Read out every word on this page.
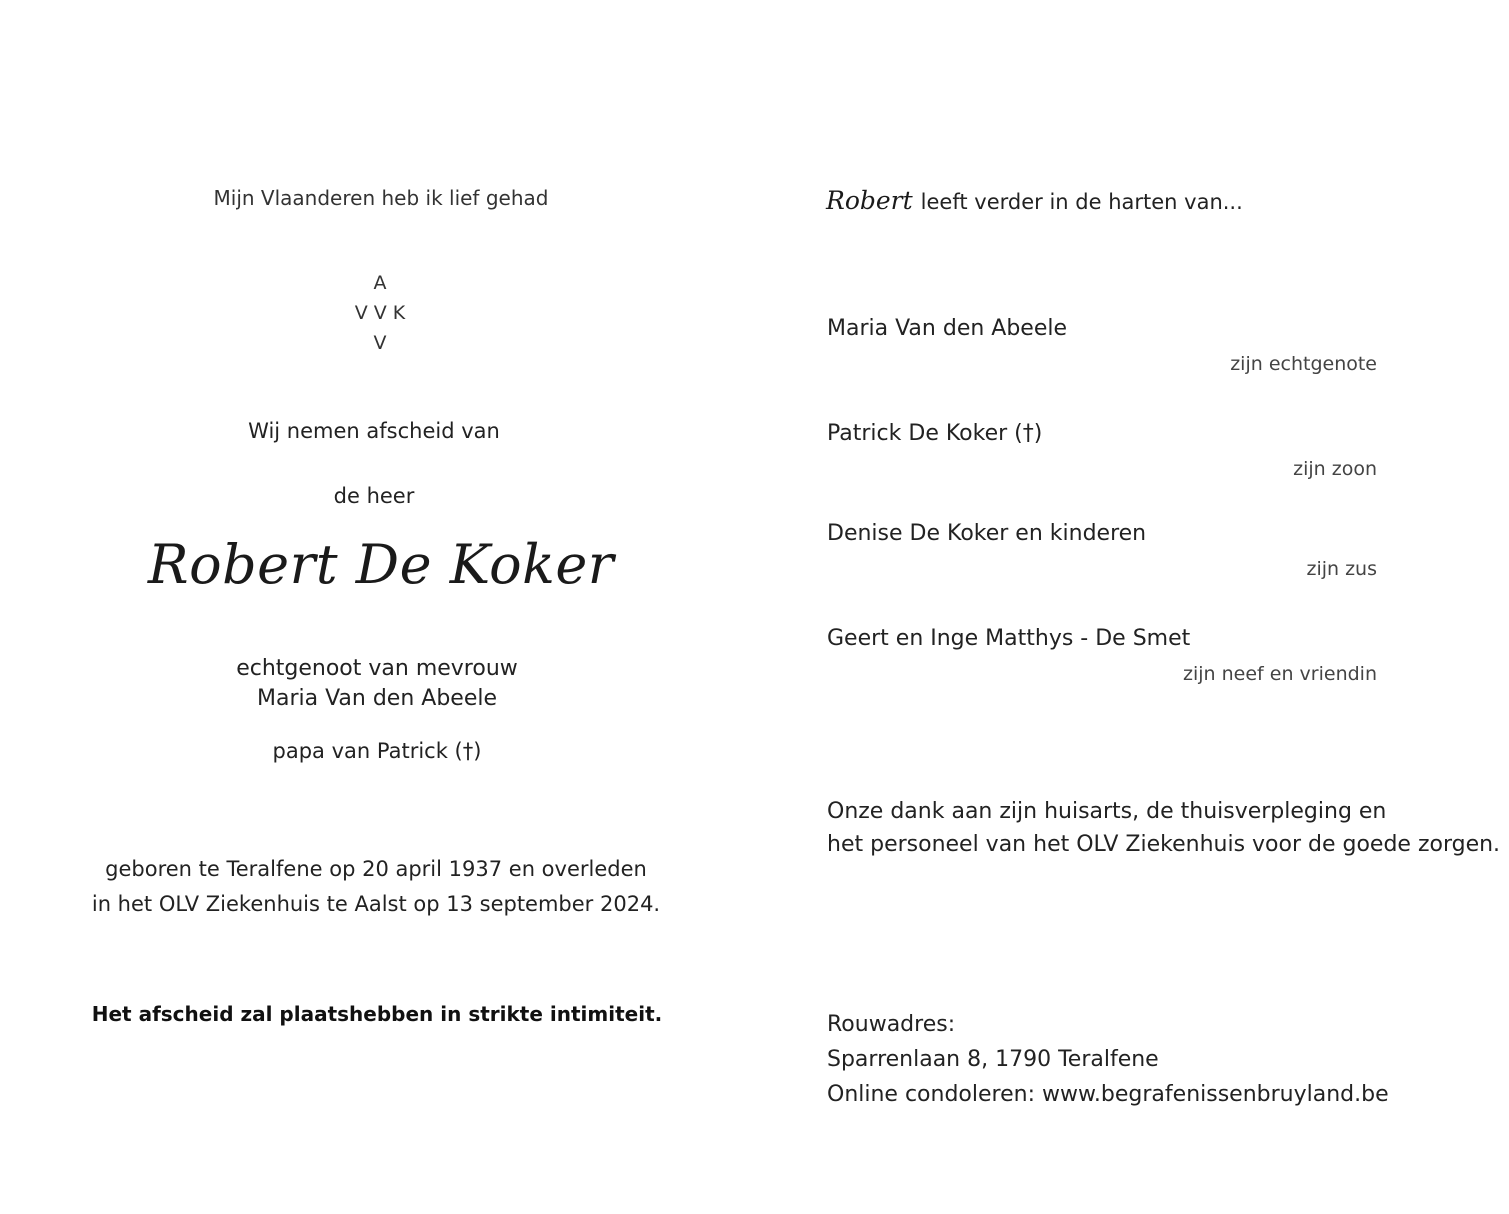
Mijn Vlaanderen heb ik lief gehad
A
V V K
V
Wij nemen afscheid van
de heer
Robert De Koker
echtgenoot van mevrouw
Maria Van den Abeele
papa van Patrick (†)
geboren te Teralfene op 20 april 1937 en overleden
in het OLV Ziekenhuis te Aalst op 13 september 2024.
Het afscheid zal plaatshebben in strikte intimiteit.
Robert leeft verder in de harten van...
Maria Van den Abeele
zijn echtgenote
Patrick De Koker (†)
zijn zoon
Denise De Koker en kinderen
zijn zus
Geert en Inge Matthys - De Smet
zijn neef en vriendin
Onze dank aan zijn huisarts, de thuisverpleging en
het personeel van het OLV Ziekenhuis voor de goede zorgen.
Rouwadres:
Sparrenlaan 8, 1790 Teralfene
Online condoleren: www.begrafenissenbruyland.be
